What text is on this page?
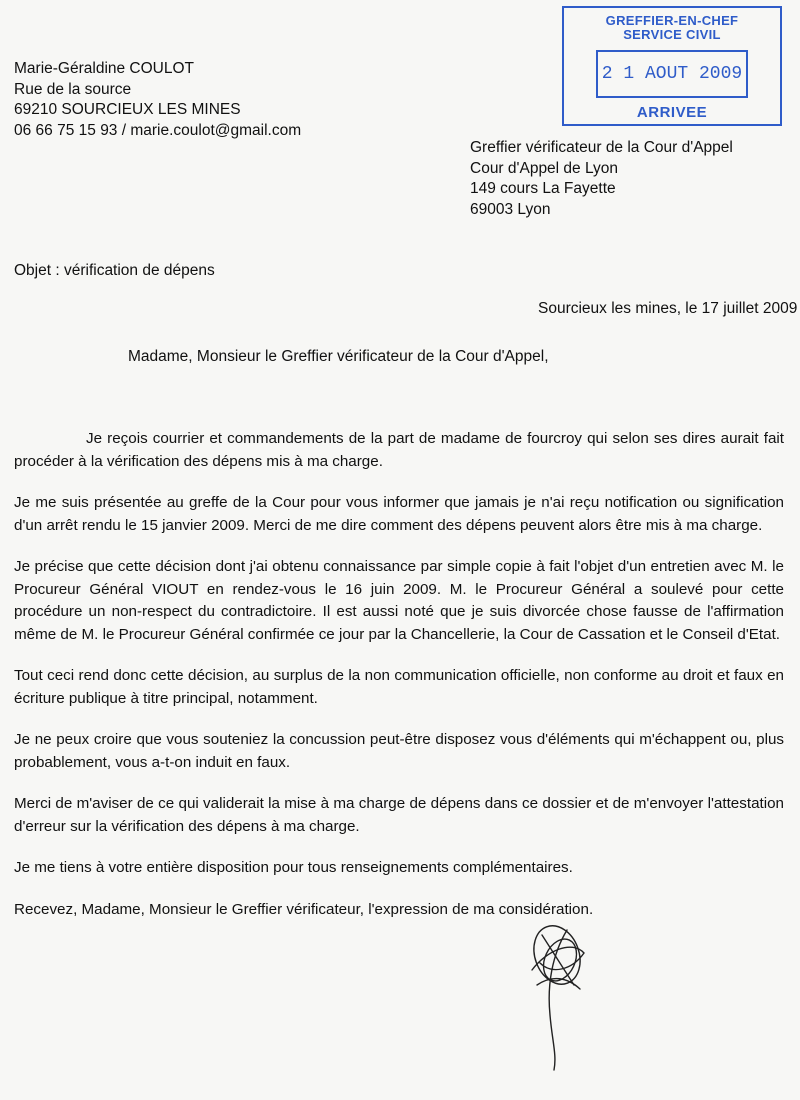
Marie-Géraldine COULOT
Rue de la source
69210 SOURCIEUX LES MINES
06 66 75 15 93 / marie.coulot@gmail.com
GREFFIER-EN-CHEF
SERVICE CIVIL
2 1 AOUT 2009
ARRIVEE
Greffier vérificateur de la Cour d'Appel
Cour d'Appel de Lyon
149 cours La Fayette
69003 Lyon
Objet : vérification de dépens
Sourcieux les mines, le 17 juillet 2009
Madame, Monsieur le Greffier vérificateur de la Cour d'Appel,

Je reçois courrier et commandements de la part de madame de fourcroy qui selon ses dires aurait fait procéder à la vérification des dépens mis à ma charge.

Je me suis présentée au greffe de la Cour pour vous informer que jamais je n'ai reçu notification ou signification d'un arrêt rendu le 15 janvier 2009. Merci de me dire comment des dépens peuvent alors être mis à ma charge.

Je précise que cette décision dont j'ai obtenu connaissance par simple copie à fait l'objet d'un entretien avec M. le Procureur Général VIOUT en rendez-vous le 16 juin 2009. M. le Procureur Général a soulevé pour cette procédure un non-respect du contradictoire. Il est aussi noté que je suis divorcée chose fausse de l'affirmation même de M. le Procureur Général confirmée ce jour par la Chancellerie, la Cour de Cassation et le Conseil d'Etat.

Tout ceci rend donc cette décision, au surplus de la non communication officielle, non conforme au droit et faux en écriture publique à titre principal, notamment.

Je ne peux croire que vous souteniez la concussion peut-être disposez vous d'éléments qui m'échappent ou, plus probablement, vous a-t-on induit en faux.

Merci de m'aviser de ce qui validerait la mise à ma charge de dépens dans ce dossier et de m'envoyer l'attestation d'erreur sur la vérification des dépens à ma charge.

Je me tiens à votre entière disposition pour tous renseignements complémentaires.

Recevez, Madame, Monsieur le Greffier vérificateur, l'expression de ma considération.
